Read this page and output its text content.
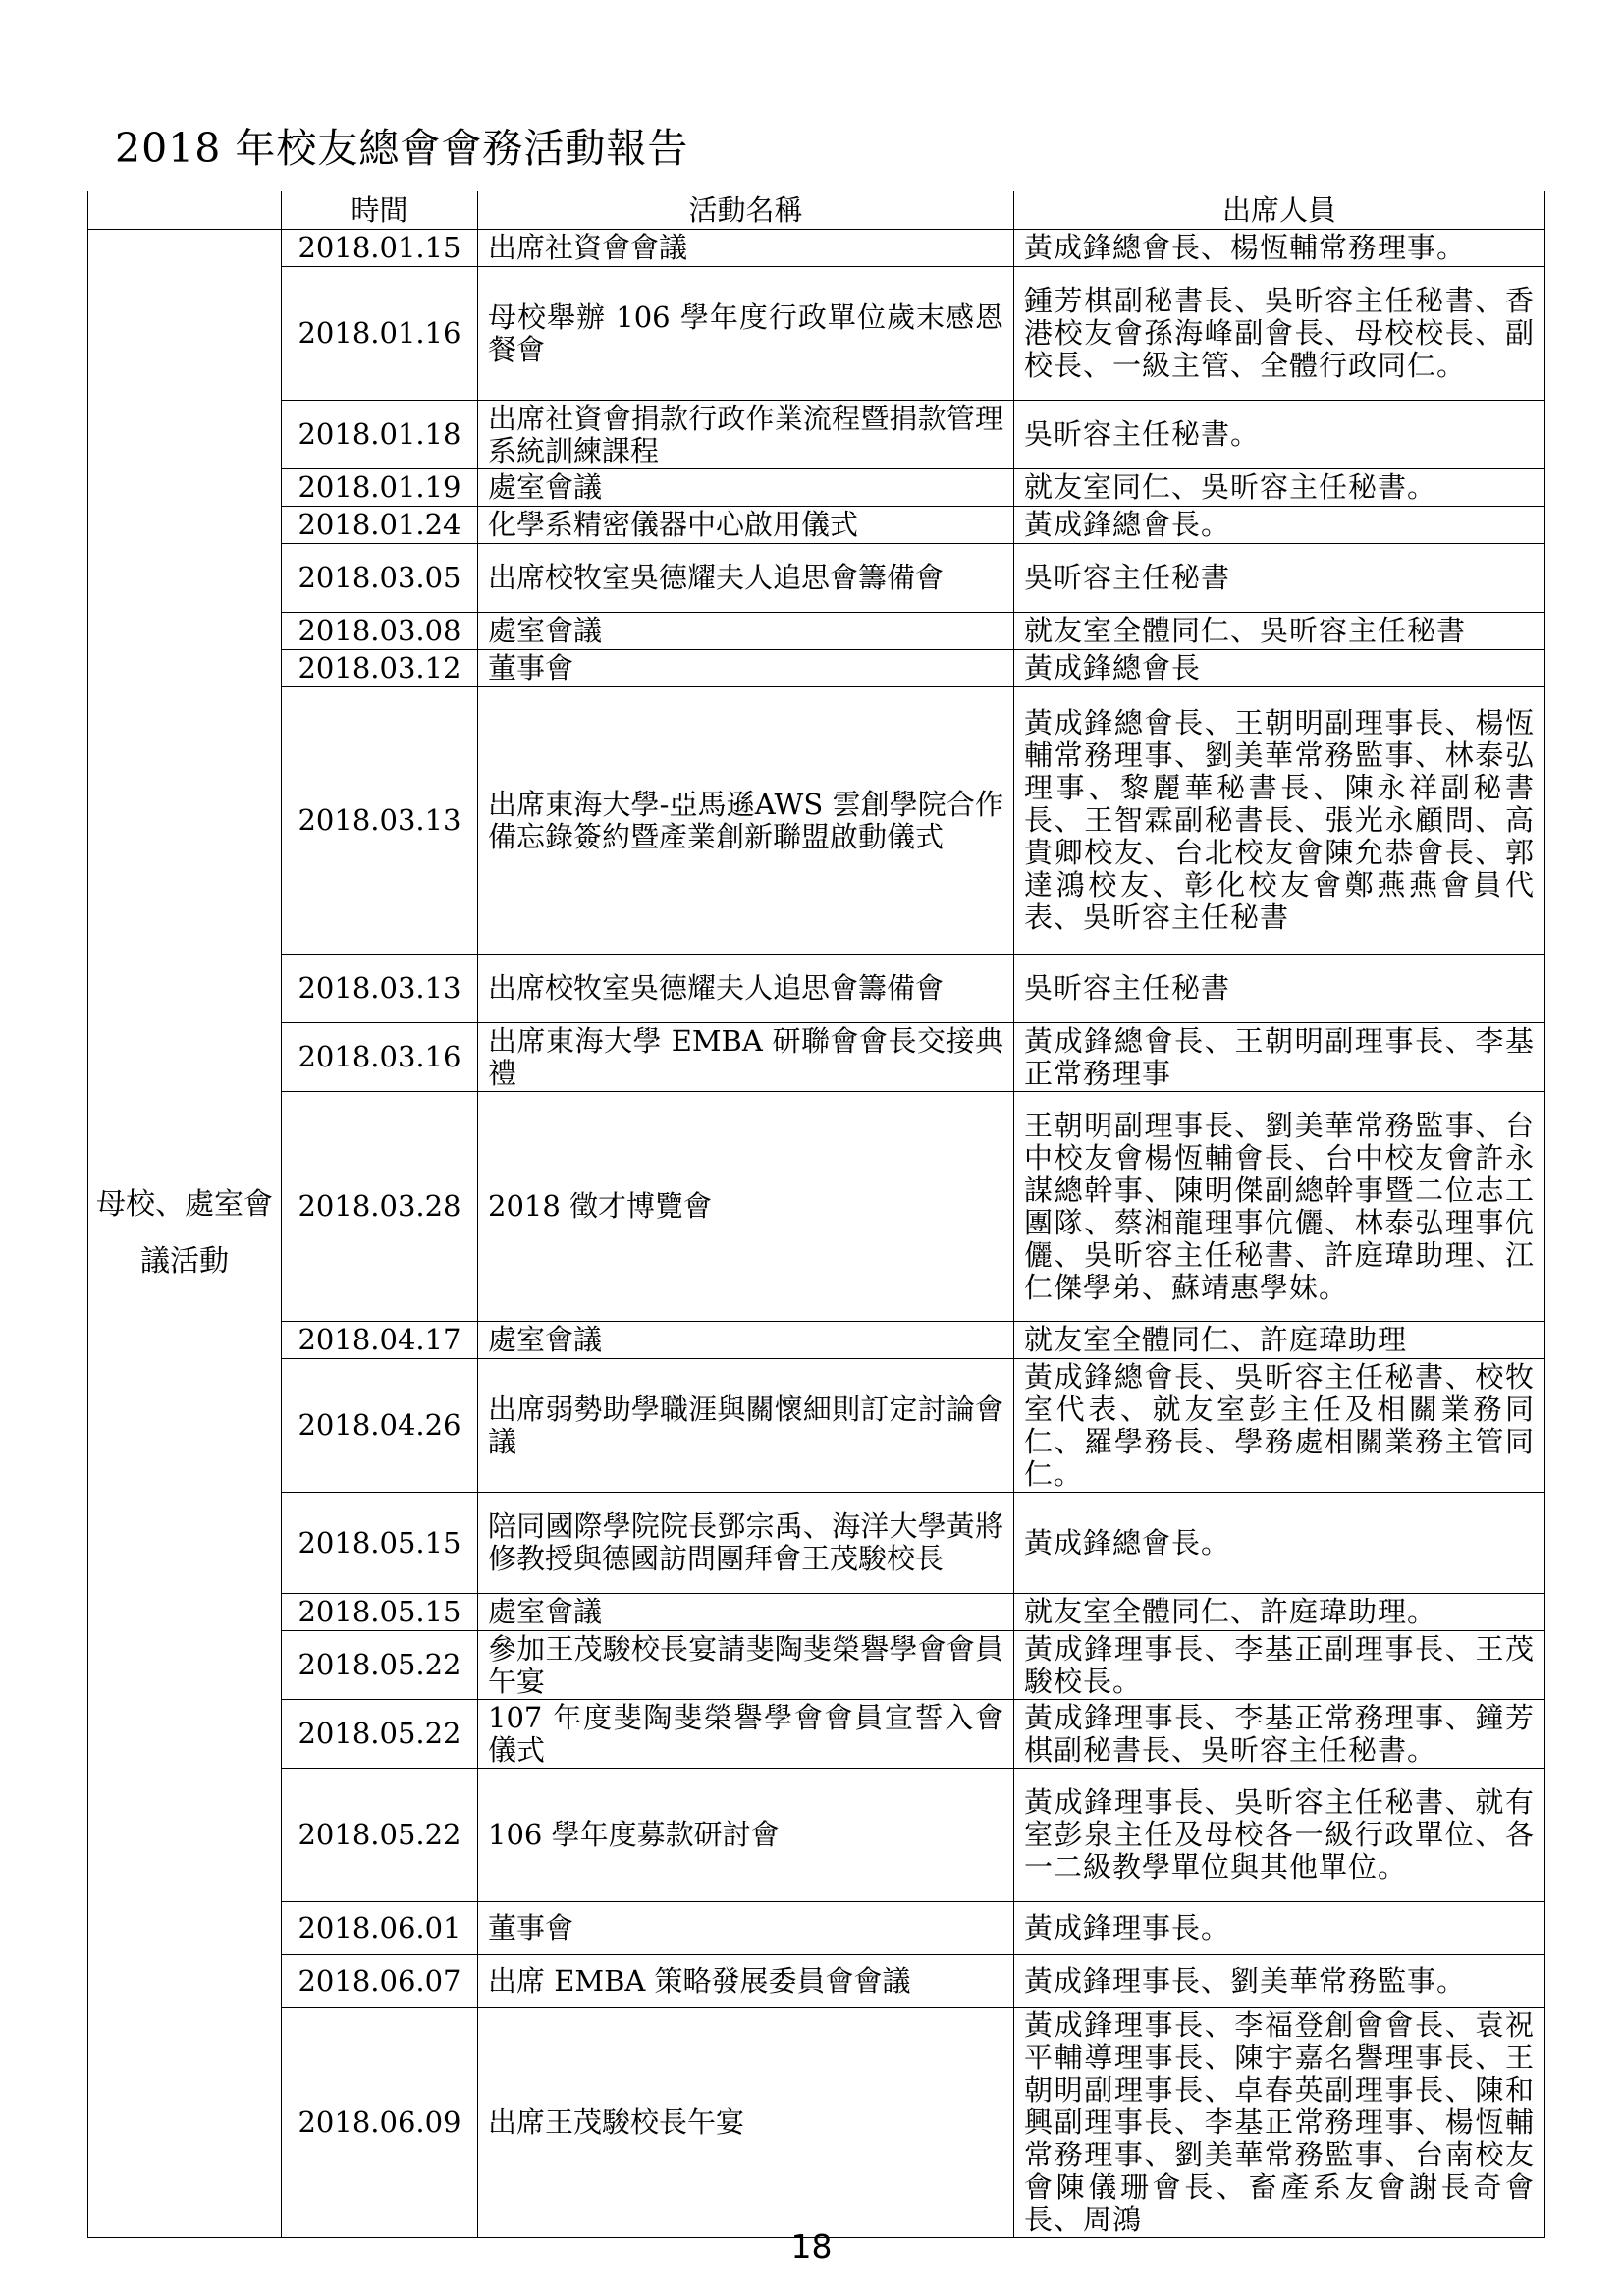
2018 年校友總會會務活動報告
	時間	活動名稱	出席人員
母校、處室會議活動	2018.01.15	出席社資會會議	黃成鋒總會長、楊恆輔常務理事。
	2018.01.16	母校舉辦 106 學年度行政單位歲末感恩餐會	鍾芳棋副秘書長、吳昕容主任秘書、香港校友會孫海峰副會長、母校校長、副校長、一級主管、全體行政同仁。
	2018.01.18	出席社資會捐款行政作業流程暨捐款管理系統訓練課程	吳昕容主任秘書。
	2018.01.19	處室會議	就友室同仁、吳昕容主任秘書。
	2018.01.24	化學系精密儀器中心啟用儀式	黃成鋒總會長。
	2018.03.05	出席校牧室吳德耀夫人追思會籌備會	吳昕容主任秘書
	2018.03.08	處室會議	就友室全體同仁、吳昕容主任秘書
	2018.03.12	董事會	黃成鋒總會長
	2018.03.13	出席東海大學-亞馬遜AWS 雲創學院合作備忘錄簽約暨產業創新聯盟啟動儀式	黃成鋒總會長、王朝明副理事長、楊恆輔常務理事、劉美華常務監事、林泰弘理事、黎麗華秘書長、陳永祥副秘書長、王智霖副秘書長、張光永顧問、高貴卿校友、台北校友會陳允恭會長、郭達鴻校友、彰化校友會鄭燕燕會員代表、吳昕容主任秘書
	2018.03.13	出席校牧室吳德耀夫人追思會籌備會	吳昕容主任秘書
	2018.03.16	出席東海大學 EMBA 研聯會會長交接典禮	黃成鋒總會長、王朝明副理事長、李基正常務理事
	2018.03.28	2018 徵才博覽會	王朝明副理事長、劉美華常務監事、台中校友會楊恆輔會長、台中校友會許永謀總幹事、陳明傑副總幹事暨二位志工團隊、蔡湘龍理事伉儷、林泰弘理事伉儷、吳昕容主任秘書、許庭瑋助理、江仁傑學弟、蘇靖惠學妹。
	2018.04.17	處室會議	就友室全體同仁、許庭瑋助理
	2018.04.26	出席弱勢助學職涯與關懷細則訂定討論會議	黃成鋒總會長、吳昕容主任秘書、校牧室代表、就友室彭主任及相關業務同仁、羅學務長、學務處相關業務主管同仁。
	2018.05.15	陪同國際學院院長鄧宗禹、海洋大學黃將修教授與德國訪問團拜會王茂駿校長	黃成鋒總會長。
	2018.05.15	處室會議	就友室全體同仁、許庭瑋助理。
	2018.05.22	參加王茂駿校長宴請斐陶斐榮譽學會會員午宴	黃成鋒理事長、李基正副理事長、王茂駿校長。
	2018.05.22	107 年度斐陶斐榮譽學會會員宣誓入會儀式	黃成鋒理事長、李基正常務理事、鐘芳棋副秘書長、吳昕容主任秘書。
	2018.05.22	106 學年度募款研討會	黃成鋒理事長、吳昕容主任秘書、就有室彭泉主任及母校各一級行政單位、各一二級教學單位與其他單位。
	2018.06.01	董事會	黃成鋒理事長。
	2018.06.07	出席 EMBA 策略發展委員會會議	黃成鋒理事長、劉美華常務監事。
	2018.06.09	出席王茂駿校長午宴	黃成鋒理事長、李福登創會會長、袁祝平輔導理事長、陳宇嘉名譽理事長、王朝明副理事長、卓春英副理事長、陳和興副理事長、李基正常務理事、楊恆輔常務理事、劉美華常務監事、台南校友會陳儀珊會長、畜產系友會謝長奇會長、周鴻
18
